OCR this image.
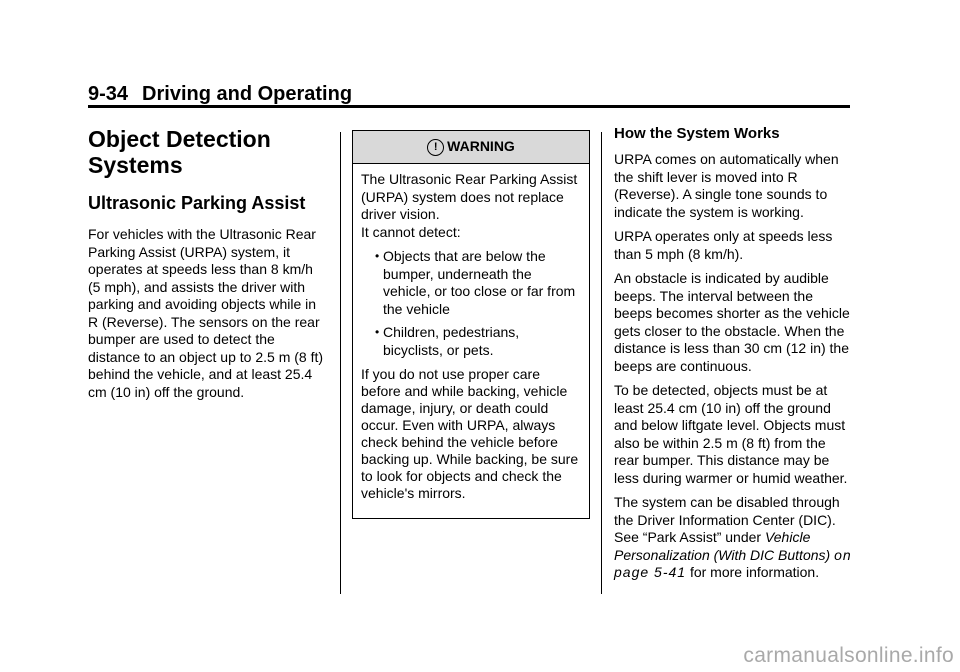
9-34 Driving and Operating
Object Detection
Systems
Ultrasonic Parking Assist

For vehicles with the Ultrasonic Rear Parking Assist (URPA) system, it operates at speeds less than 8 km/h (5 mph), and assists the driver with parking and avoiding objects while in R (Reverse). The sensors on the rear bumper are used to detect the distance to an object up to 2.5 m (8 ft) behind the vehicle, and at least 25.4 cm (10 in) off the ground.

! WARNING

The Ultrasonic Rear Parking Assist (URPA) system does not replace driver vision.
It cannot detect:

• Objects that are below the bumper, underneath the vehicle, or too close or far from the vehicle
• Children, pedestrians, bicyclists, or pets.

If you do not use proper care before and while backing, vehicle damage, injury, or death could occur. Even with URPA, always check behind the vehicle before backing up. While backing, be sure to look for objects and check the vehicle's mirrors.

How the System Works

URPA comes on automatically when the shift lever is moved into R (Reverse). A single tone sounds to indicate the system is working.

URPA operates only at speeds less than 5 mph (8 km/h).

An obstacle is indicated by audible beeps. The interval between the beeps becomes shorter as the vehicle gets closer to the obstacle. When the distance is less than 30 cm (12 in) the beeps are continuous.

To be detected, objects must be at least 25.4 cm (10 in) off the ground and below liftgate level. Objects must also be within 2.5 m (8 ft) from the rear bumper. This distance may be less during warmer or humid weather.

The system can be disabled through the Driver Information Center (DIC). See “Park Assist” under Vehicle Personalization (With DIC Buttons) on page 5-41 for more information.

carmanualsonline.info
